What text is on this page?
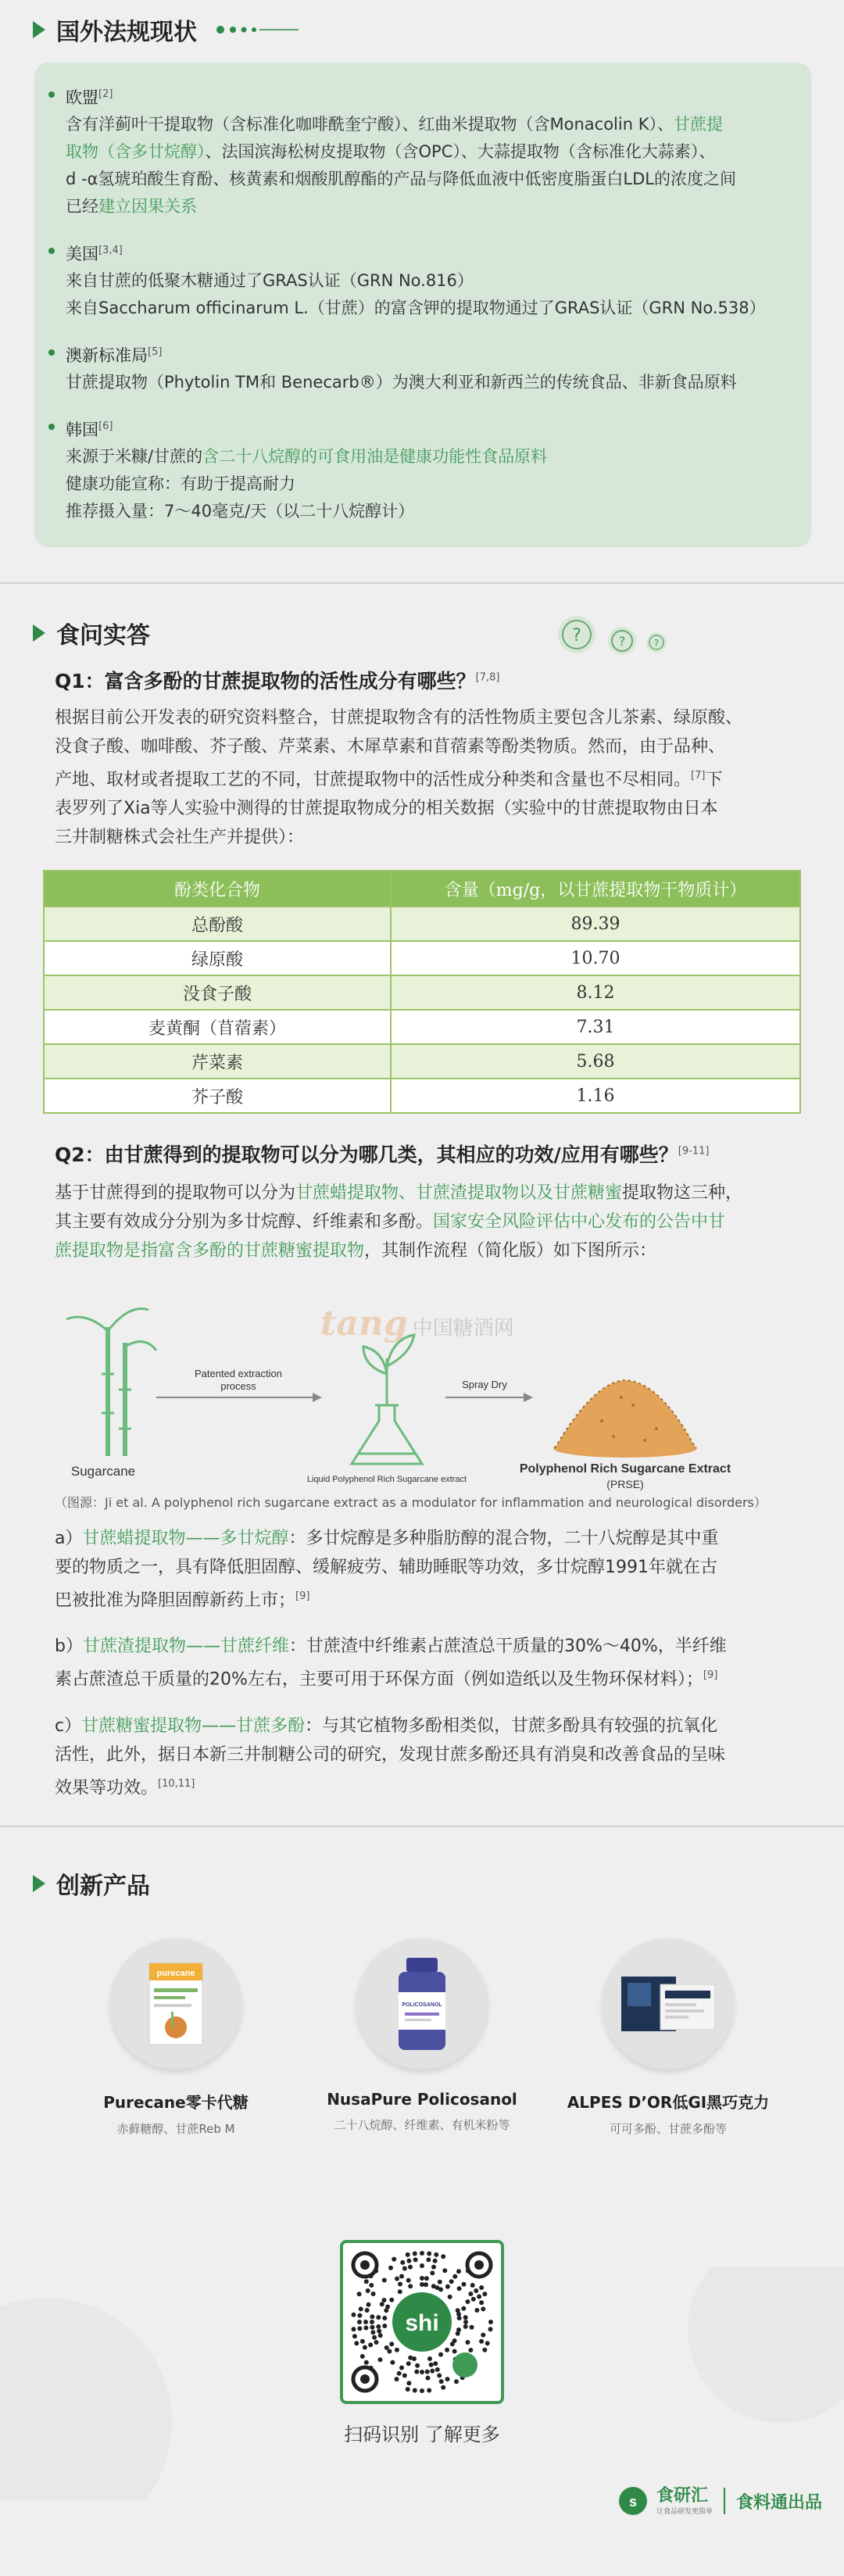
国外法规现状
欧盟[2]
含有洋蓟叶干提取物（含标准化咖啡酰奎宁酸）、红曲米提取物（含Monacolin K）、甘蔗提
取物（含多廿烷醇）、法国滨海松树皮提取物（含OPC）、大蒜提取物（含标准化大蒜素）、
d -α氢琥珀酸生育酚、核黄素和烟酸肌醇酯的产品与降低血液中低密度脂蛋白LDL的浓度之间
已经建立因果关系
美国[3,4]
来自甘蔗的低聚木糖通过了GRAS认证（GRN No.816）
来自Saccharum officinarum L.（甘蔗）的富含钾的提取物通过了GRAS认证（GRN No.538）
澳新标准局[5]
甘蔗提取物（Phytolin TM和 Benecarb®）为澳大利亚和新西兰的传统食品、非新食品原料
韩国[6]
来源于米糠/甘蔗的含二十八烷醇的可食用油是健康功能性食品原料
健康功能宣称：有助于提高耐力
推荐摄入量：7～40毫克/天（以二十八烷醇计）
食问实答	?	?	?
Q1：富含多酚的甘蔗提取物的活性成分有哪些？[7,8]
根据目前公开发表的研究资料整合，甘蔗提取物含有的活性物质主要包含儿茶素、绿原酸、
没食子酸、咖啡酸、芥子酸、芹菜素、木犀草素和苜蓿素等酚类物质。然而，由于品种、
产地、取材或者提取工艺的不同，甘蔗提取物中的活性成分种类和含量也不尽相同。[7]下
表罗列了Xia等人实验中测得的甘蔗提取物成分的相关数据（实验中的甘蔗提取物由日本
三井制糖株式会社生产并提供）：
酚类化合物	含量（mg/g，以甘蔗提取物干物质计）
总酚酸	89.39
绿原酸	10.70
没食子酸	8.12
麦黄酮（苜蓿素）	7.31
芹菜素	5.68
芥子酸	1.16
Q2：由甘蔗得到的提取物可以分为哪几类，其相应的功效/应用有哪些？[9-11]
基于甘蔗得到的提取物可以分为甘蔗蜡提取物、甘蔗渣提取物以及甘蔗糖蜜提取物这三种，
其主要有效成分分别为多廿烷醇、纤维素和多酚。国家安全风险评估中心发布的公告中甘
蔗提取物是指富含多酚的甘蔗糖蜜提取物，其制作流程（简化版）如下图所示：
Sugarcane
Patented extraction
process
Liquid Polyphenol Rich Sugarcane extract
Spray Dry
Polyphenol Rich Sugarcane Extract
(PRSE)
tang 中国糖酒网
（图源：Ji et al. A polyphenol rich sugarcane extract as a modulator for inflammation and neurological disorders）
a）甘蔗蜡提取物——多廿烷醇：多廿烷醇是多种脂肪醇的混合物，二十八烷醇是其中重
要的物质之一，具有降低胆固醇、缓解疲劳、辅助睡眠等功效，多廿烷醇1991年就在古
巴被批准为降胆固醇新药上市；[9]
b）甘蔗渣提取物——甘蔗纤维：甘蔗渣中纤维素占蔗渣总干质量的30%～40%，半纤维
素占蔗渣总干质量的20%左右，主要可用于环保方面（例如造纸以及生物环保材料）；[9]
c）甘蔗糖蜜提取物——甘蔗多酚：与其它植物多酚相类似，甘蔗多酚具有较强的抗氧化
活性，此外，据日本新三井制糖公司的研究，发现甘蔗多酚还具有消臭和改善食品的呈味
效果等功效。[10,11]
创新产品
purecane
Purecane零卡代糖
赤藓糖醇、甘蔗Reb M
POLICOSANOL
NusaPure Policosanol
二十八烷醇、纤维素、有机米粉等
ALPES D’OR低GI黑巧克力
可可多酚、甘蔗多酚等
shi
扫码识别 了解更多
s 食研汇
让食品研发更简单 食料通出品
